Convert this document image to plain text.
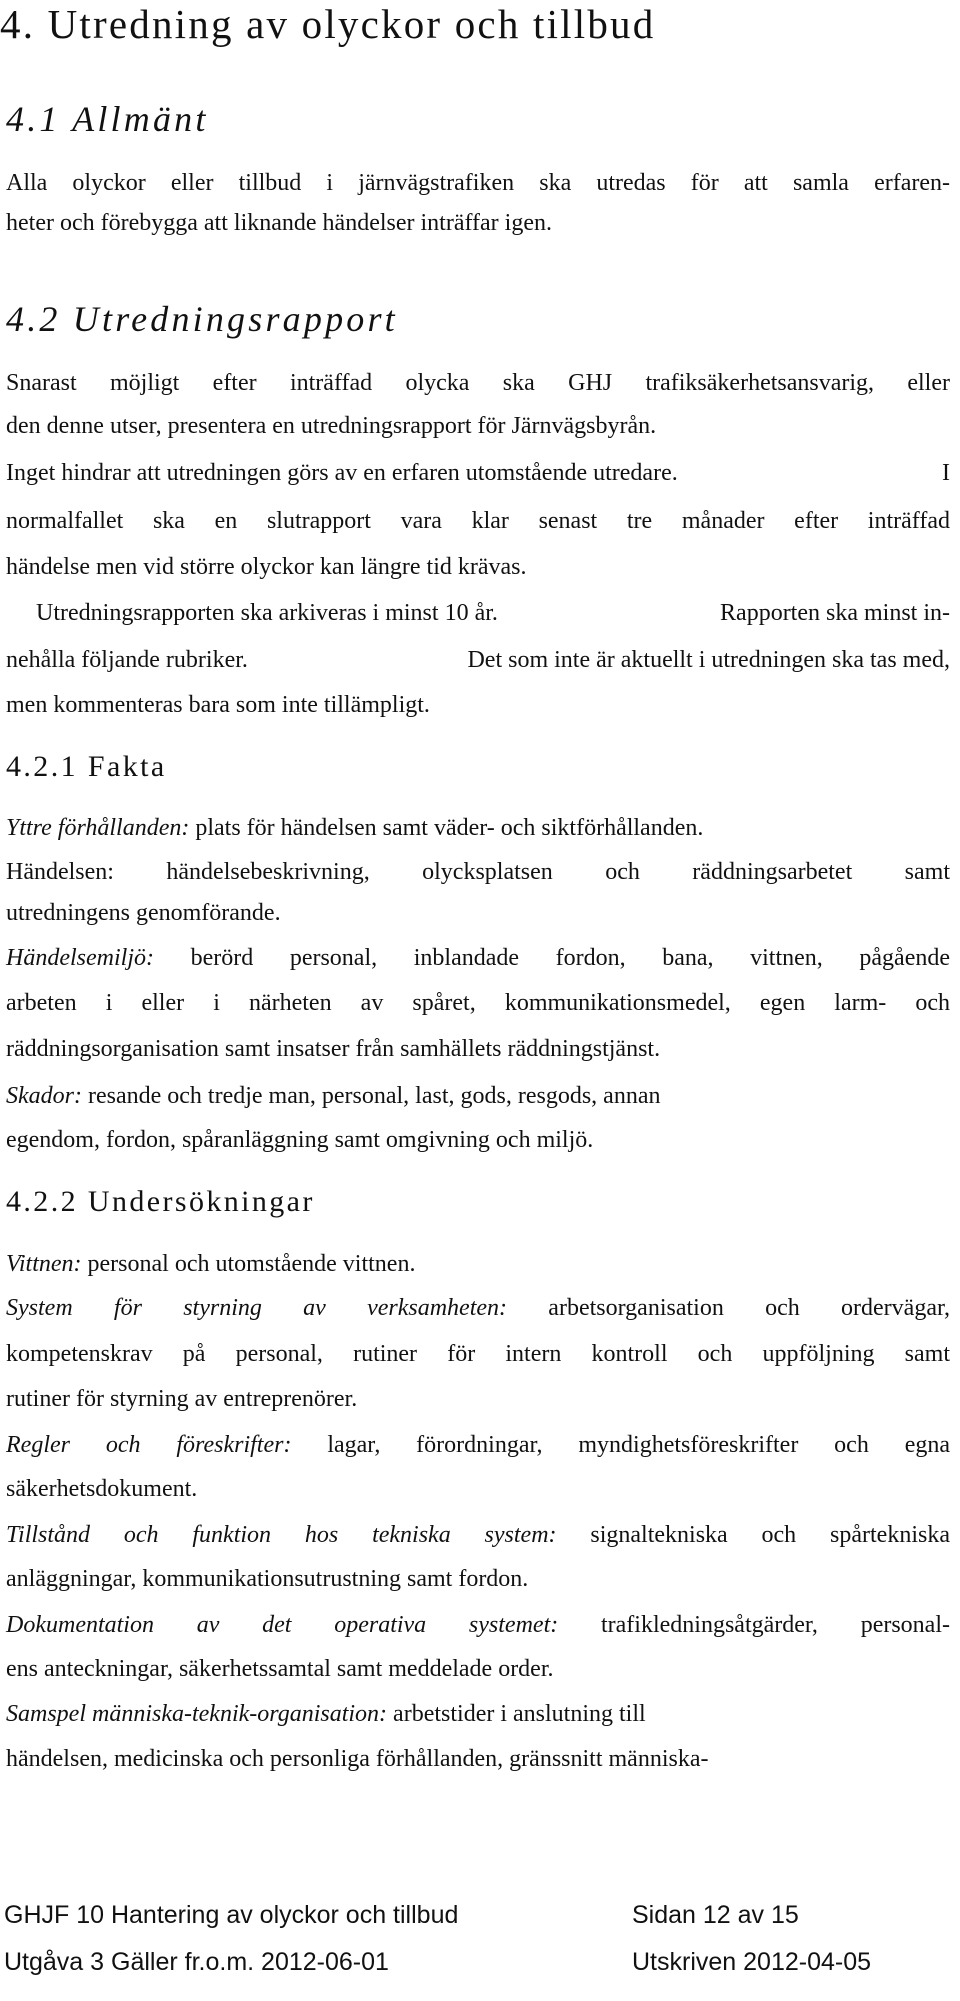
4. Utredning av olyckor och tillbud
4.1 Allmänt
Alla olyckor eller tillbud i järnvägstrafiken ska utredas för att samla erfaren-
heter och förebygga att liknande händelser inträffar igen.
4.2 Utredningsrapport
Snarast möjligt efter inträffad olycka ska GHJ trafiksäkerhetsansvarig, eller
den denne utser, presentera en utredningsrapport för Järnvägsbyrån.
Inget hindrar att utredningen görs av en erfaren utomstående utredare.	I
normalfallet ska en slutrapport vara klar senast tre månader efter inträffad
händelse men vid större olyckor kan längre tid krävas.
Utredningsrapporten ska arkiveras i minst 10 år.	Rapporten ska minst in-
nehålla följande rubriker.	Det som inte är aktuellt i utredningen ska tas med,
men kommenteras bara som inte tillämpligt.
4.2.1 Fakta
Yttre förhållanden: plats för händelsen samt väder- och siktförhållanden.
Händelsen: händelsebeskrivning, olycksplatsen och räddningsarbetet samt
utredningens genomförande.
Händelsemiljö: berörd personal, inblandade fordon, bana, vittnen, pågående
arbeten i eller i närheten av spåret, kommunikationsmedel, egen larm- och
räddningsorganisation samt insatser från samhällets räddningstjänst.
Skador: resande och tredje man, personal, last, gods, resgods, annan
egendom, fordon, spåranläggning samt omgivning och miljö.
4.2.2 Undersökningar
Vittnen: personal och utomstående vittnen.
System för styrning av verksamheten: arbetsorganisation och ordervägar,
kompetenskrav på personal, rutiner för intern kontroll och uppföljning samt
rutiner för styrning av entreprenörer.
Regler och föreskrifter: lagar, förordningar, myndighetsföreskrifter och egna
säkerhetsdokument.
Tillstånd och funktion hos tekniska system: signaltekniska och spårtekniska
anläggningar, kommunikationsutrustning samt fordon.
Dokumentation av det operativa systemet: trafikledningsåtgärder, personal-
ens anteckningar, säkerhetssamtal samt meddelade order.
Samspel människa-teknik-organisation: arbetstider i anslutning till
händelsen, medicinska och personliga förhållanden, gränssnitt människa-
GHJF 10 Hantering av olyckor och tillbud	Sidan 12 av 15
Utgåva 3 Gäller fr.o.m. 2012-06-01	Utskriven 2012-04-05
